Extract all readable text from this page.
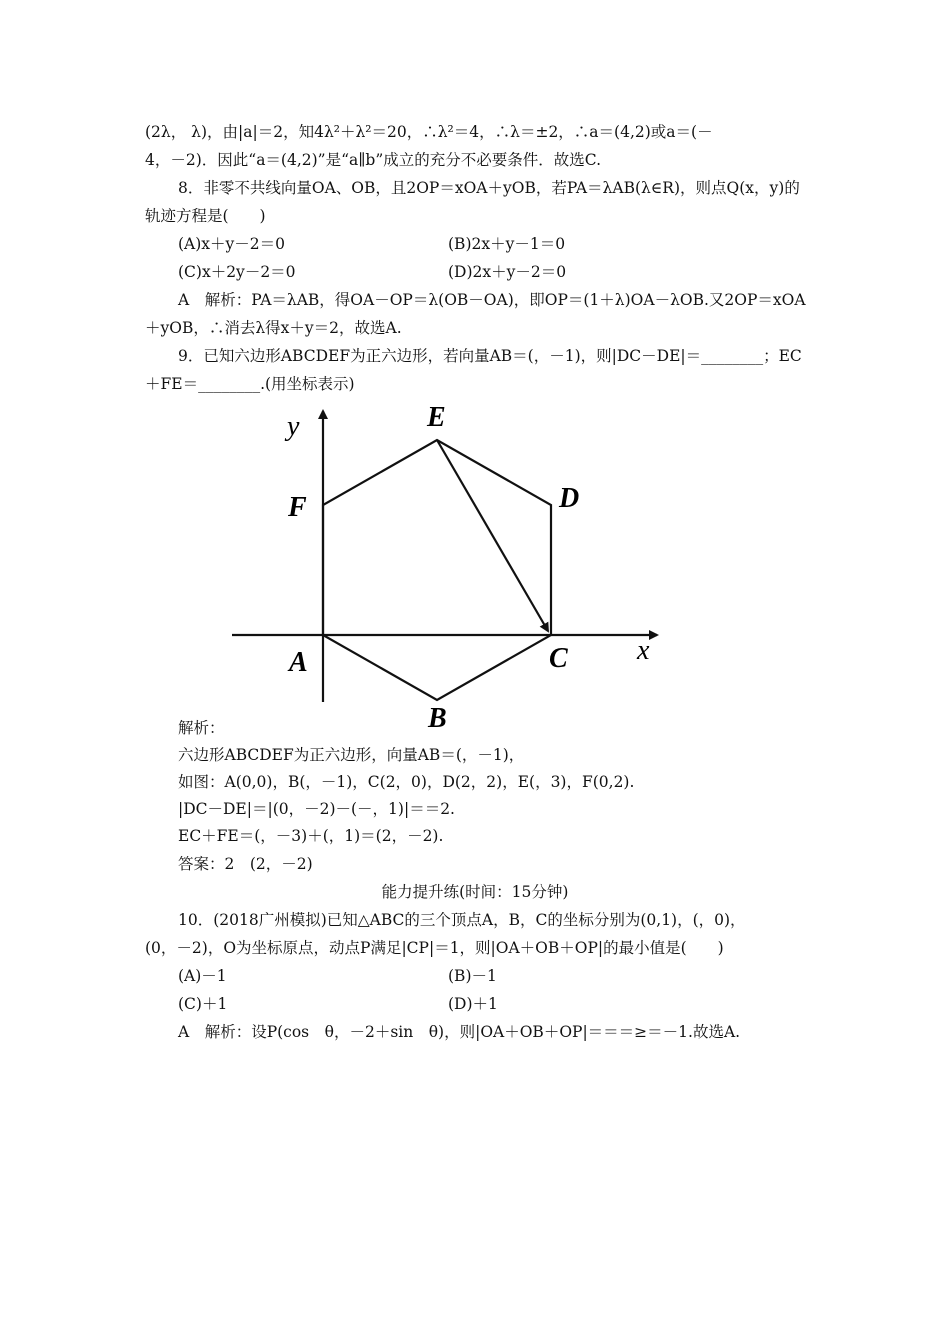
(2λ， λ)，由|a|＝2，知4λ²＋λ²＝20，∴λ²＝4，∴λ＝±2，∴a＝(4,2)或a＝(－
4，－2)．因此“a＝(4,2)”是“a∥b”成立的充分不必要条件．故选C.
8．非零不共线向量OA、OB，且2OP＝xOA＋yOB，若PA＝λAB(λ∈R)，则点Q(x，y)的
轨迹方程是(　　)
(A)x＋y－2＝0	(B)2x＋y－1＝0
(C)x＋2y－2＝0	(D)2x＋y－2＝0
A　解析：PA＝λAB，得OA－OP＝λ(OB－OA)，即OP＝(1＋λ)OA－λOB.又2OP＝xOA
＋yOB，∴消去λ得x＋y＝2，故选A.
9．已知六边形ABCDEF为正六边形，若向量AB＝(，－1)，则|DC－DE|＝________；EC
＋FE＝________.(用坐标表示)
y	E
F	D
A	C x
B
解析：
六边形ABCDEF为正六边形，向量AB＝(，－1)，
如图：A(0,0)，B(，－1)，C(2，0)，D(2，2)，E(，3)，F(0,2).
|DC－DE|＝|(0，－2)－(－，1)|＝＝2.
EC＋FE＝(，－3)＋(，1)＝(2，－2).
答案：2　(2，－2)
能力提升练(时间：15分钟)
10．(2018广州模拟)已知△ABC的三个顶点A，B，C的坐标分别为(0,1)，(，0)，
(0，－2)，O为坐标原点，动点P满足|CP|＝1，则|OA＋OB＋OP|的最小值是(　　)
(A)－1	(B)－1
(C)＋1	(D)＋1
A　解析：设P(cos　θ，－2＋sin　θ)，则|OA＋OB＋OP|＝＝＝≥＝－1.故选A.
